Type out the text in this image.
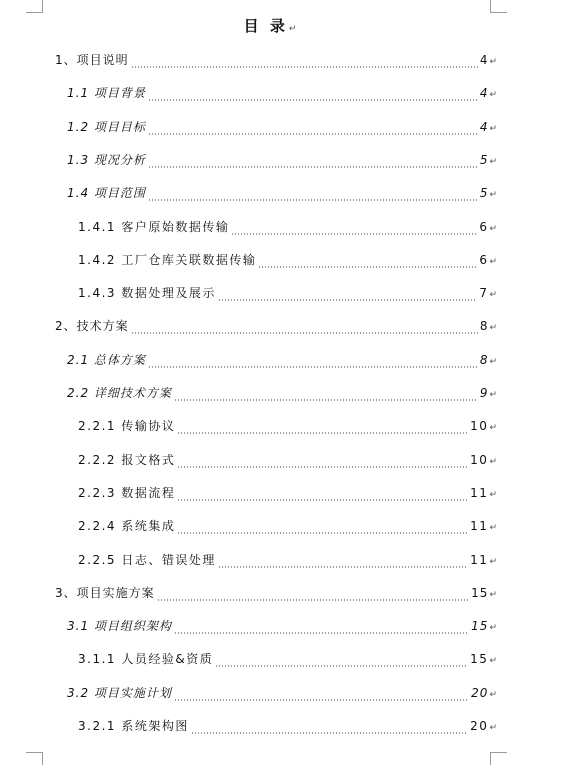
目 录↵
1、项目说明	4 ↵
1.1 项目背景	4 ↵
1.2 项目目标	4 ↵
1.3 现况分析	5 ↵
1.4 项目范围	5 ↵
1.4.1 客户原始数据传输	6 ↵
1.4.2 工厂仓库关联数据传输	6 ↵
1.4.3 数据处理及展示	7 ↵
2、技术方案	8 ↵
2.1 总体方案	8 ↵
2.2 详细技术方案	9 ↵
2.2.1 传输协议	10 ↵
2.2.2 报文格式	10 ↵
2.2.3 数据流程	11 ↵
2.2.4 系统集成	11 ↵
2.2.5 日志、错误处理	11 ↵
3、项目实施方案	15 ↵
3.1 项目组织架构	15 ↵
3.1.1 人员经验&资质	15 ↵
3.2 项目实施计划	20 ↵
3.2.1 系统架构图	20 ↵
